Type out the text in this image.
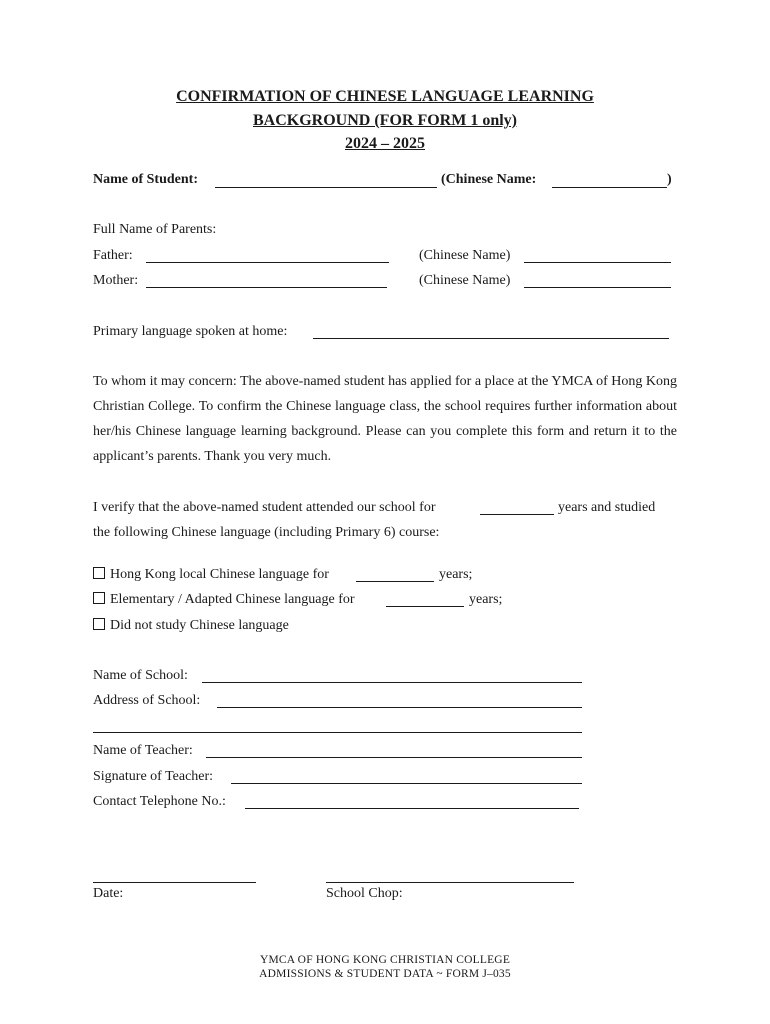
CONFIRMATION OF CHINESE LANGUAGE LEARNING
BACKGROUND (FOR FORM 1 only)
2024 – 2025
Name of Student:	(Chinese Name:	)
Full Name of Parents:
Father:	(Chinese Name)
Mother:	(Chinese Name)
Primary language spoken at home:
To whom it may concern: The above-named student has applied for a place at the YMCA of Hong Kong Christian College. To confirm the Chinese language class, the school requires further information about her/his Chinese language learning background. Please can you complete this form and return it to the applicant’s parents. Thank you very much.
I verify that the above-named student attended our school for	years and studied
the following Chinese language (including Primary 6) course:
Hong Kong local Chinese language for	years;
Elementary / Adapted Chinese language for	years;
Did not study Chinese language
Name of School:
Address of School:
Name of Teacher:
Signature of Teacher:
Contact Telephone No.:
Date:	School Chop:
YMCA OF HONG KONG CHRISTIAN COLLEGE
ADMISSIONS & STUDENT DATA ~ FORM J–035
